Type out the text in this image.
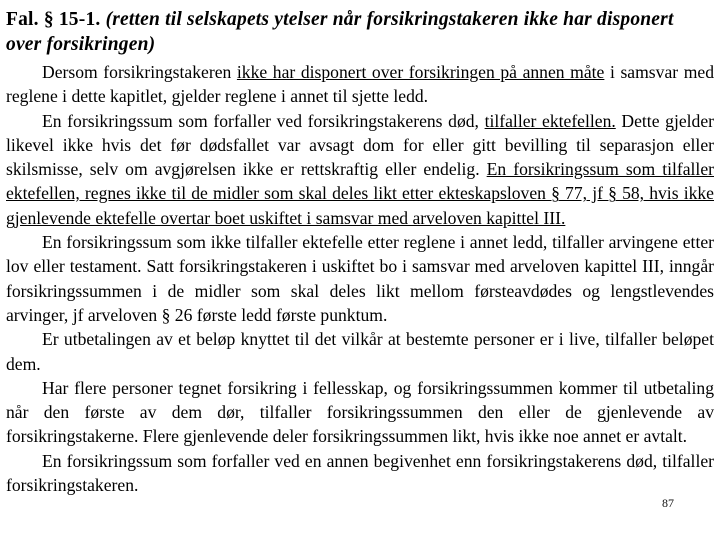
Fal. § 15-1. (retten til selskapets ytelser når forsikringstakeren ikke har disponert over forsikringen)

Dersom forsikringstakeren ikke har disponert over forsikringen på annen måte i samsvar med reglene i dette kapitlet, gjelder reglene i annet til sjette ledd.

En forsikringssum som forfaller ved forsikringstakerens død, tilfaller ektefellen. Dette gjelder likevel ikke hvis det før dødsfallet var avsagt dom for eller gitt bevilling til separasjon eller skilsmisse, selv om avgjørelsen ikke er rettskraftig eller endelig. En forsikringssum som tilfaller ektefellen, regnes ikke til de midler som skal deles likt etter ekteskapsloven § 77, jf § 58, hvis ikke gjenlevende ektefelle overtar boet uskiftet i samsvar med arveloven kapittel III.

En forsikringssum som ikke tilfaller ektefelle etter reglene i annet ledd, tilfaller arvingene etter lov eller testament. Satt forsikringstakeren i uskiftet bo i samsvar med arveloven kapittel III, inngår forsikringssummen i de midler som skal deles likt mellom førsteavdødes og lengstlevendes arvinger, jf arveloven § 26 første ledd første punktum.

Er utbetalingen av et beløp knyttet til det vilkår at bestemte personer er i live, tilfaller beløpet dem.

Har flere personer tegnet forsikring i fellesskap, og forsikringssummen kommer til utbetaling når den første av dem dør, tilfaller forsikringssummen den eller de gjenlevende av forsikringstakerne. Flere gjenlevende deler forsikringssummen likt, hvis ikke noe annet er avtalt.

En forsikringssum som forfaller ved en annen begivenhet enn forsikringstakerens død, tilfaller forsikringstakeren.

87
